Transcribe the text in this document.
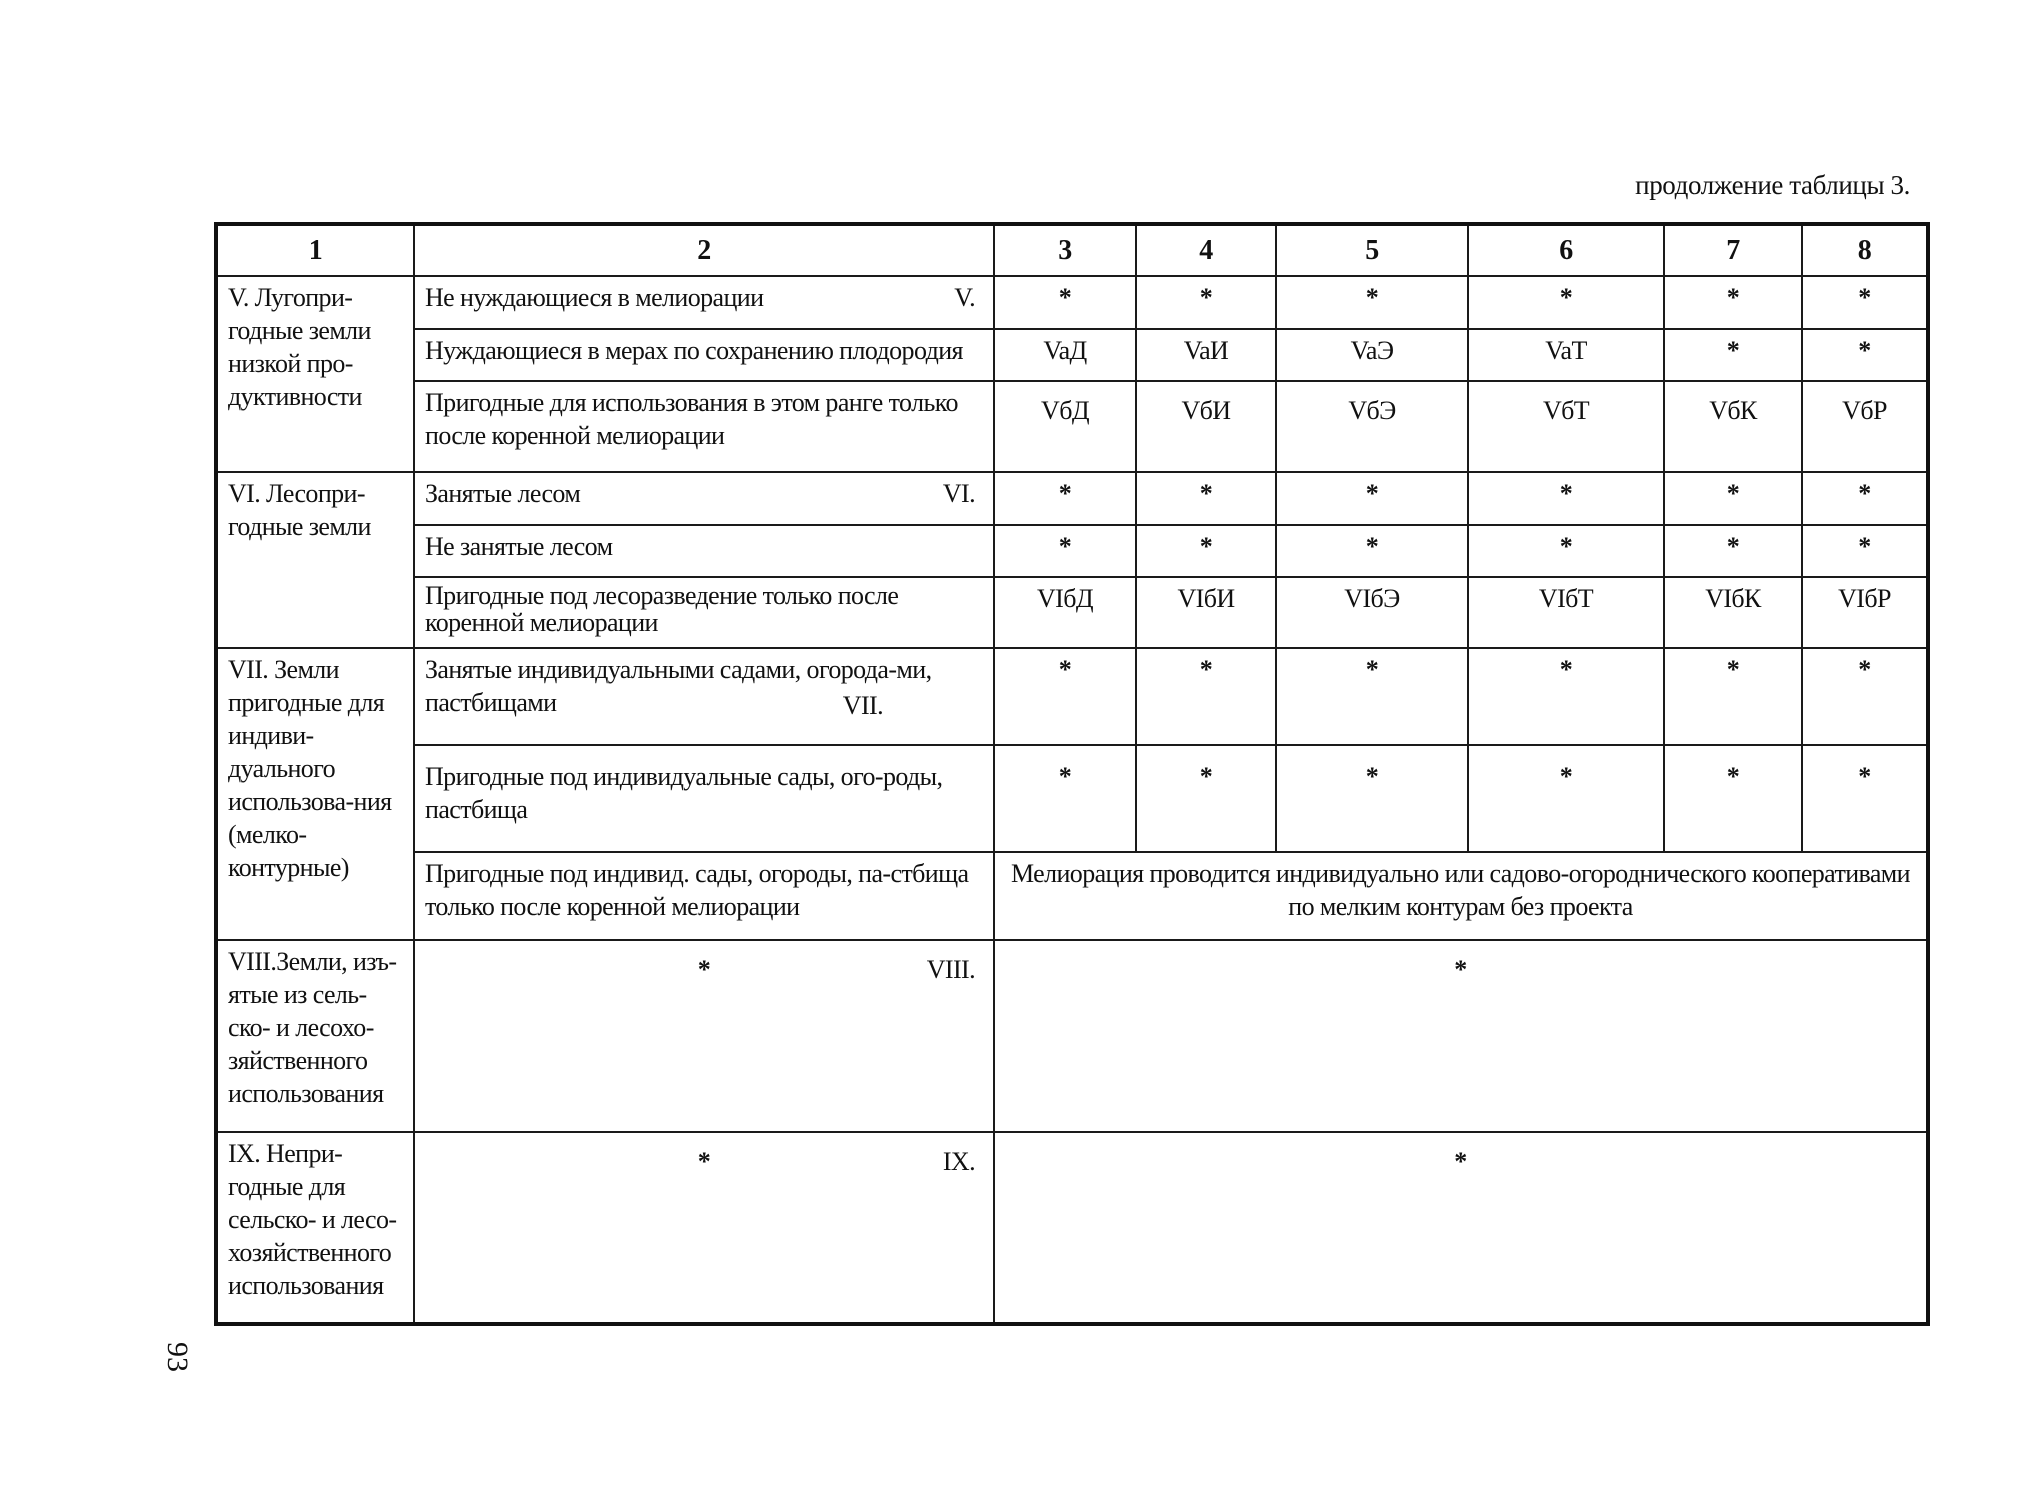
продолжение таблицы 3.
93
1	2	3	4	5	6	7	8
V. Лугопри-годные земли низкой про-дуктивности	Не нуждающиеся в мелиорации V.	*	*	*	*	*	*
	Нуждающиеся в мерах по сохранению плодородия	VaД	VaИ	VaЭ	VaT	*	*
	Пригодные для использования в этом ранге только после коренной мелиорации	VбД	VбИ	VбЭ	VбТ	VбК	VбР
VI. Лесопри-годные земли	Занятые лесом VI.	*	*	*	*	*	*
	Не занятые лесом	*	*	*	*	*	*
	Пригодные под лесоразведение только после коренной мелиорации	VIбД	VIбИ	VIбЭ	VIбТ	VIбК	VIбР
VII. Земли пригодные для индиви-дуального использова-ния (мелко-контурные)	Занятые индивидуальными садами, огорода-ми, пастбищами VII.	*	*	*	*	*	*
	Пригодные под индивидуальные сады, ого-роды, пастбища	*	*	*	*	*	*
	Пригодные под индивид. сады, огороды, па-стбища только после коренной мелиорации	Мелиорация проводится индивидуально или садово-огороднического кооперативами по мелким контурам без проекта					
VIII.Земли, изъ-ятые из сель-ско- и лесохо-зяйственного использования	* VIII.	*					

IX. Непри-годные для сельско- и лесо-хозяйственного использования	* IX.	*					
